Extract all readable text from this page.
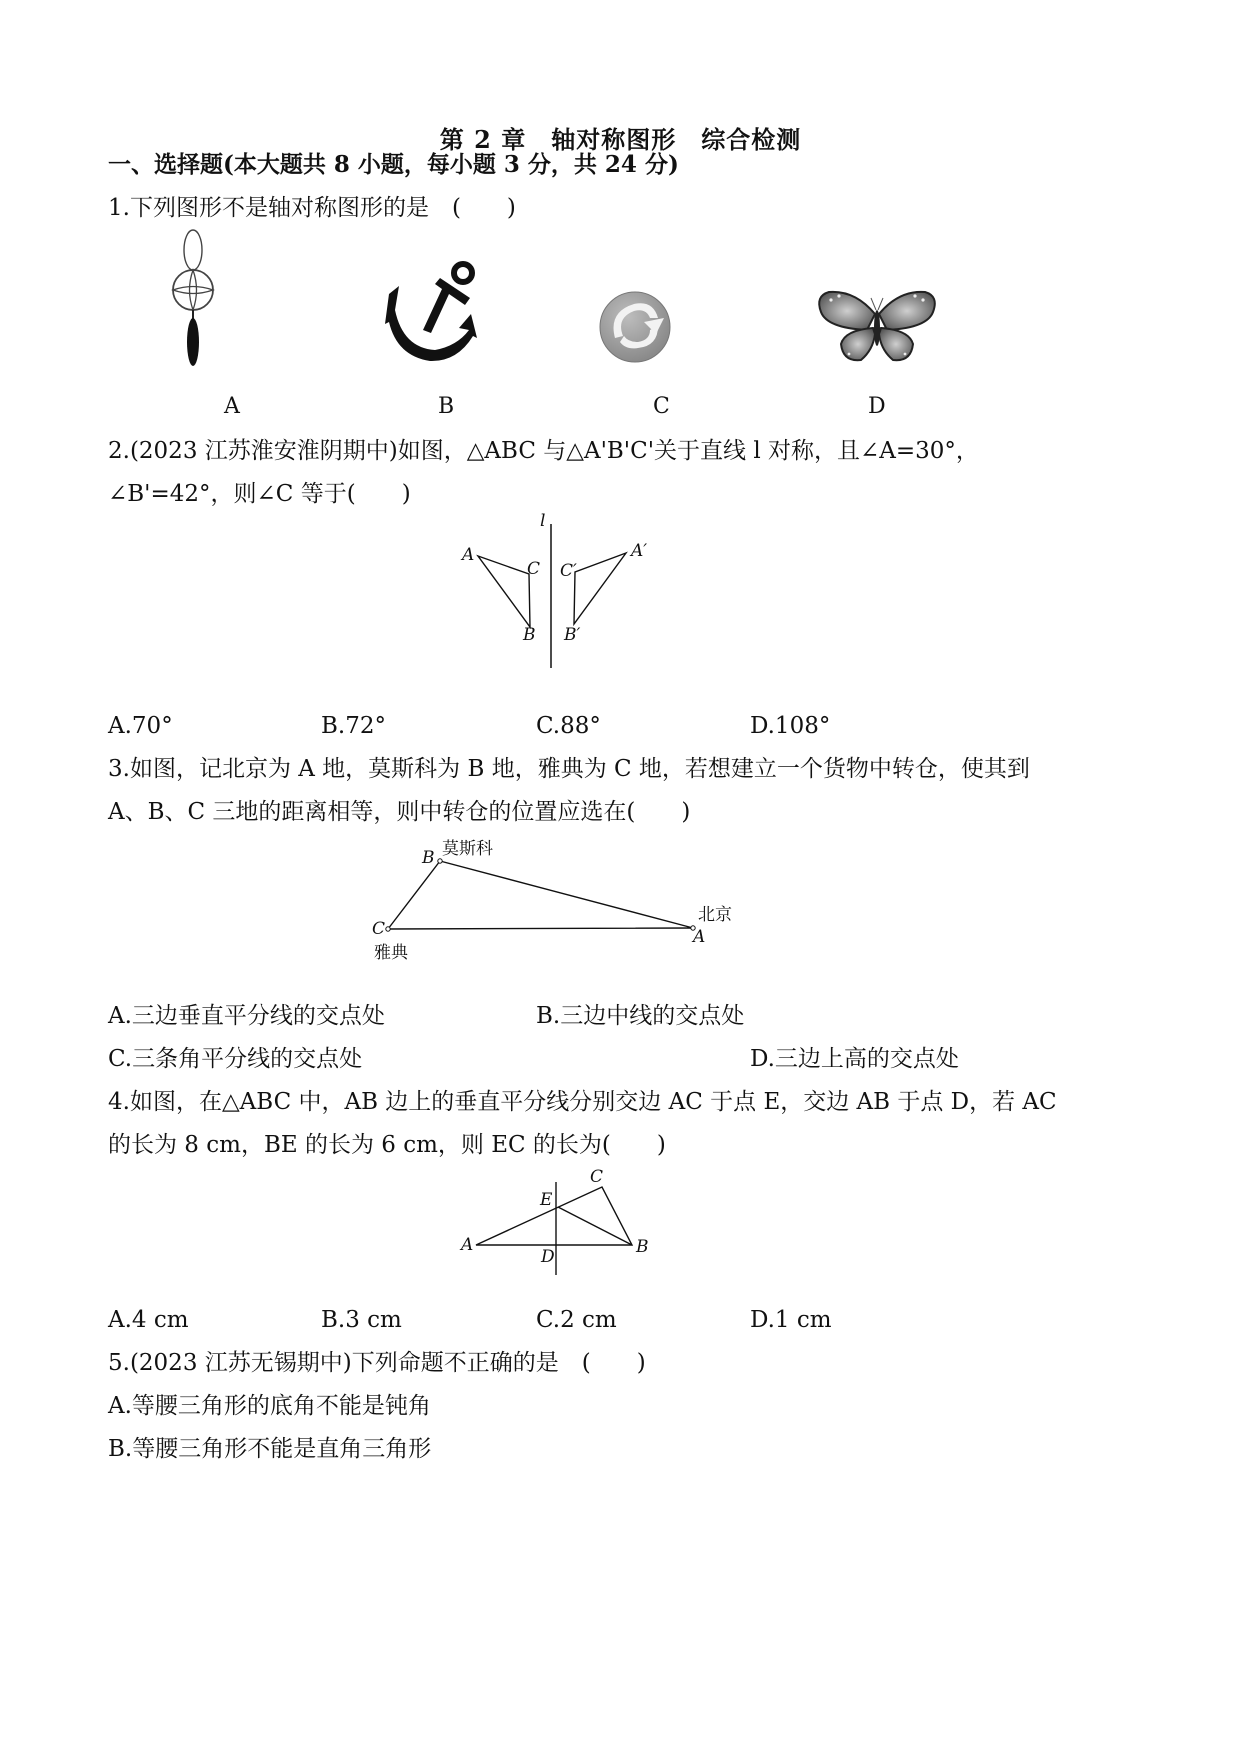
第 2 章　轴对称图形　综合检测
一、选择题(本大题共 8 小题，每小题 3 分，共 24 分)
1.下列图形不是轴对称图形的是　(　　)
A	B	C	D
2.(2023 江苏淮安淮阴期中)如图，△ABC 与△A'B'C'关于直线 l 对称，且∠A=30°，
∠B'=42°，则∠C 等于(　　)
l
A
C
B
A′
C′
B′
A.70°	B.72°	C.88°	D.108°
3.如图，记北京为 A 地，莫斯科为 B 地，雅典为 C 地，若想建立一个货物中转仓，使其到
A、B、C 三地的距离相等，则中转仓的位置应选在(　　)
B 莫斯科
C
雅典
A
北京
A.三边垂直平分线的交点处	B.三边中线的交点处
C.三条角平分线的交点处	D.三边上高的交点处
4.如图，在△ABC 中，AB 边上的垂直平分线分别交边 AC 于点 E，交边 AB 于点 D，若 AC
的长为 8 cm，BE 的长为 6 cm，则 EC 的长为(　　)
A	B
C
D
E
A.4 cm	B.3 cm	C.2 cm	D.1 cm
5.(2023 江苏无锡期中)下列命题不正确的是　(　　)
A.等腰三角形的底角不能是钝角
B.等腰三角形不能是直角三角形
